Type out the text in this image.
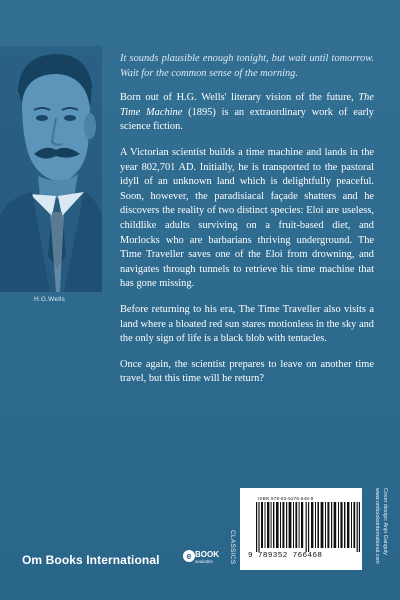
H.G.Wells

It sounds plausible enough tonight, but wait until tomorrow. Wait for the common sense of the morning.

Born out of H.G. Wells' literary vision of the future, The Time Machine (1895) is an extraordinary work of early science fiction.

A Victorian scientist builds a time machine and lands in the year 802,701 AD. Initially, he is transported to the pastoral idyll of an unknown land which is delightfully peaceful. Soon, however, the paradisiacal façade shatters and he discovers the reality of two distinct species: Eloi are useless, childlike adults surviving on a fruit-based diet, and Morlocks who are barbarians thriving underground. The Time Traveller saves one of the Eloi from drowning, and navigates through tunnels to retrieve his time machine that has gone missing.

Before returning to his era, The Time Traveller also visits a land where a bloated red sun stares motionless in the sky and the only sign of life is a black blob with tentacles.

Once again, the scientist prepares to leave on another time travel, but this time will he return?

CLASSICS
ISBN 978-93-5276-646-8
9 789352 766468	www.ombooksinternational.com Cover design: Anjn Ganguly
Om Books International	e BOOK
available
